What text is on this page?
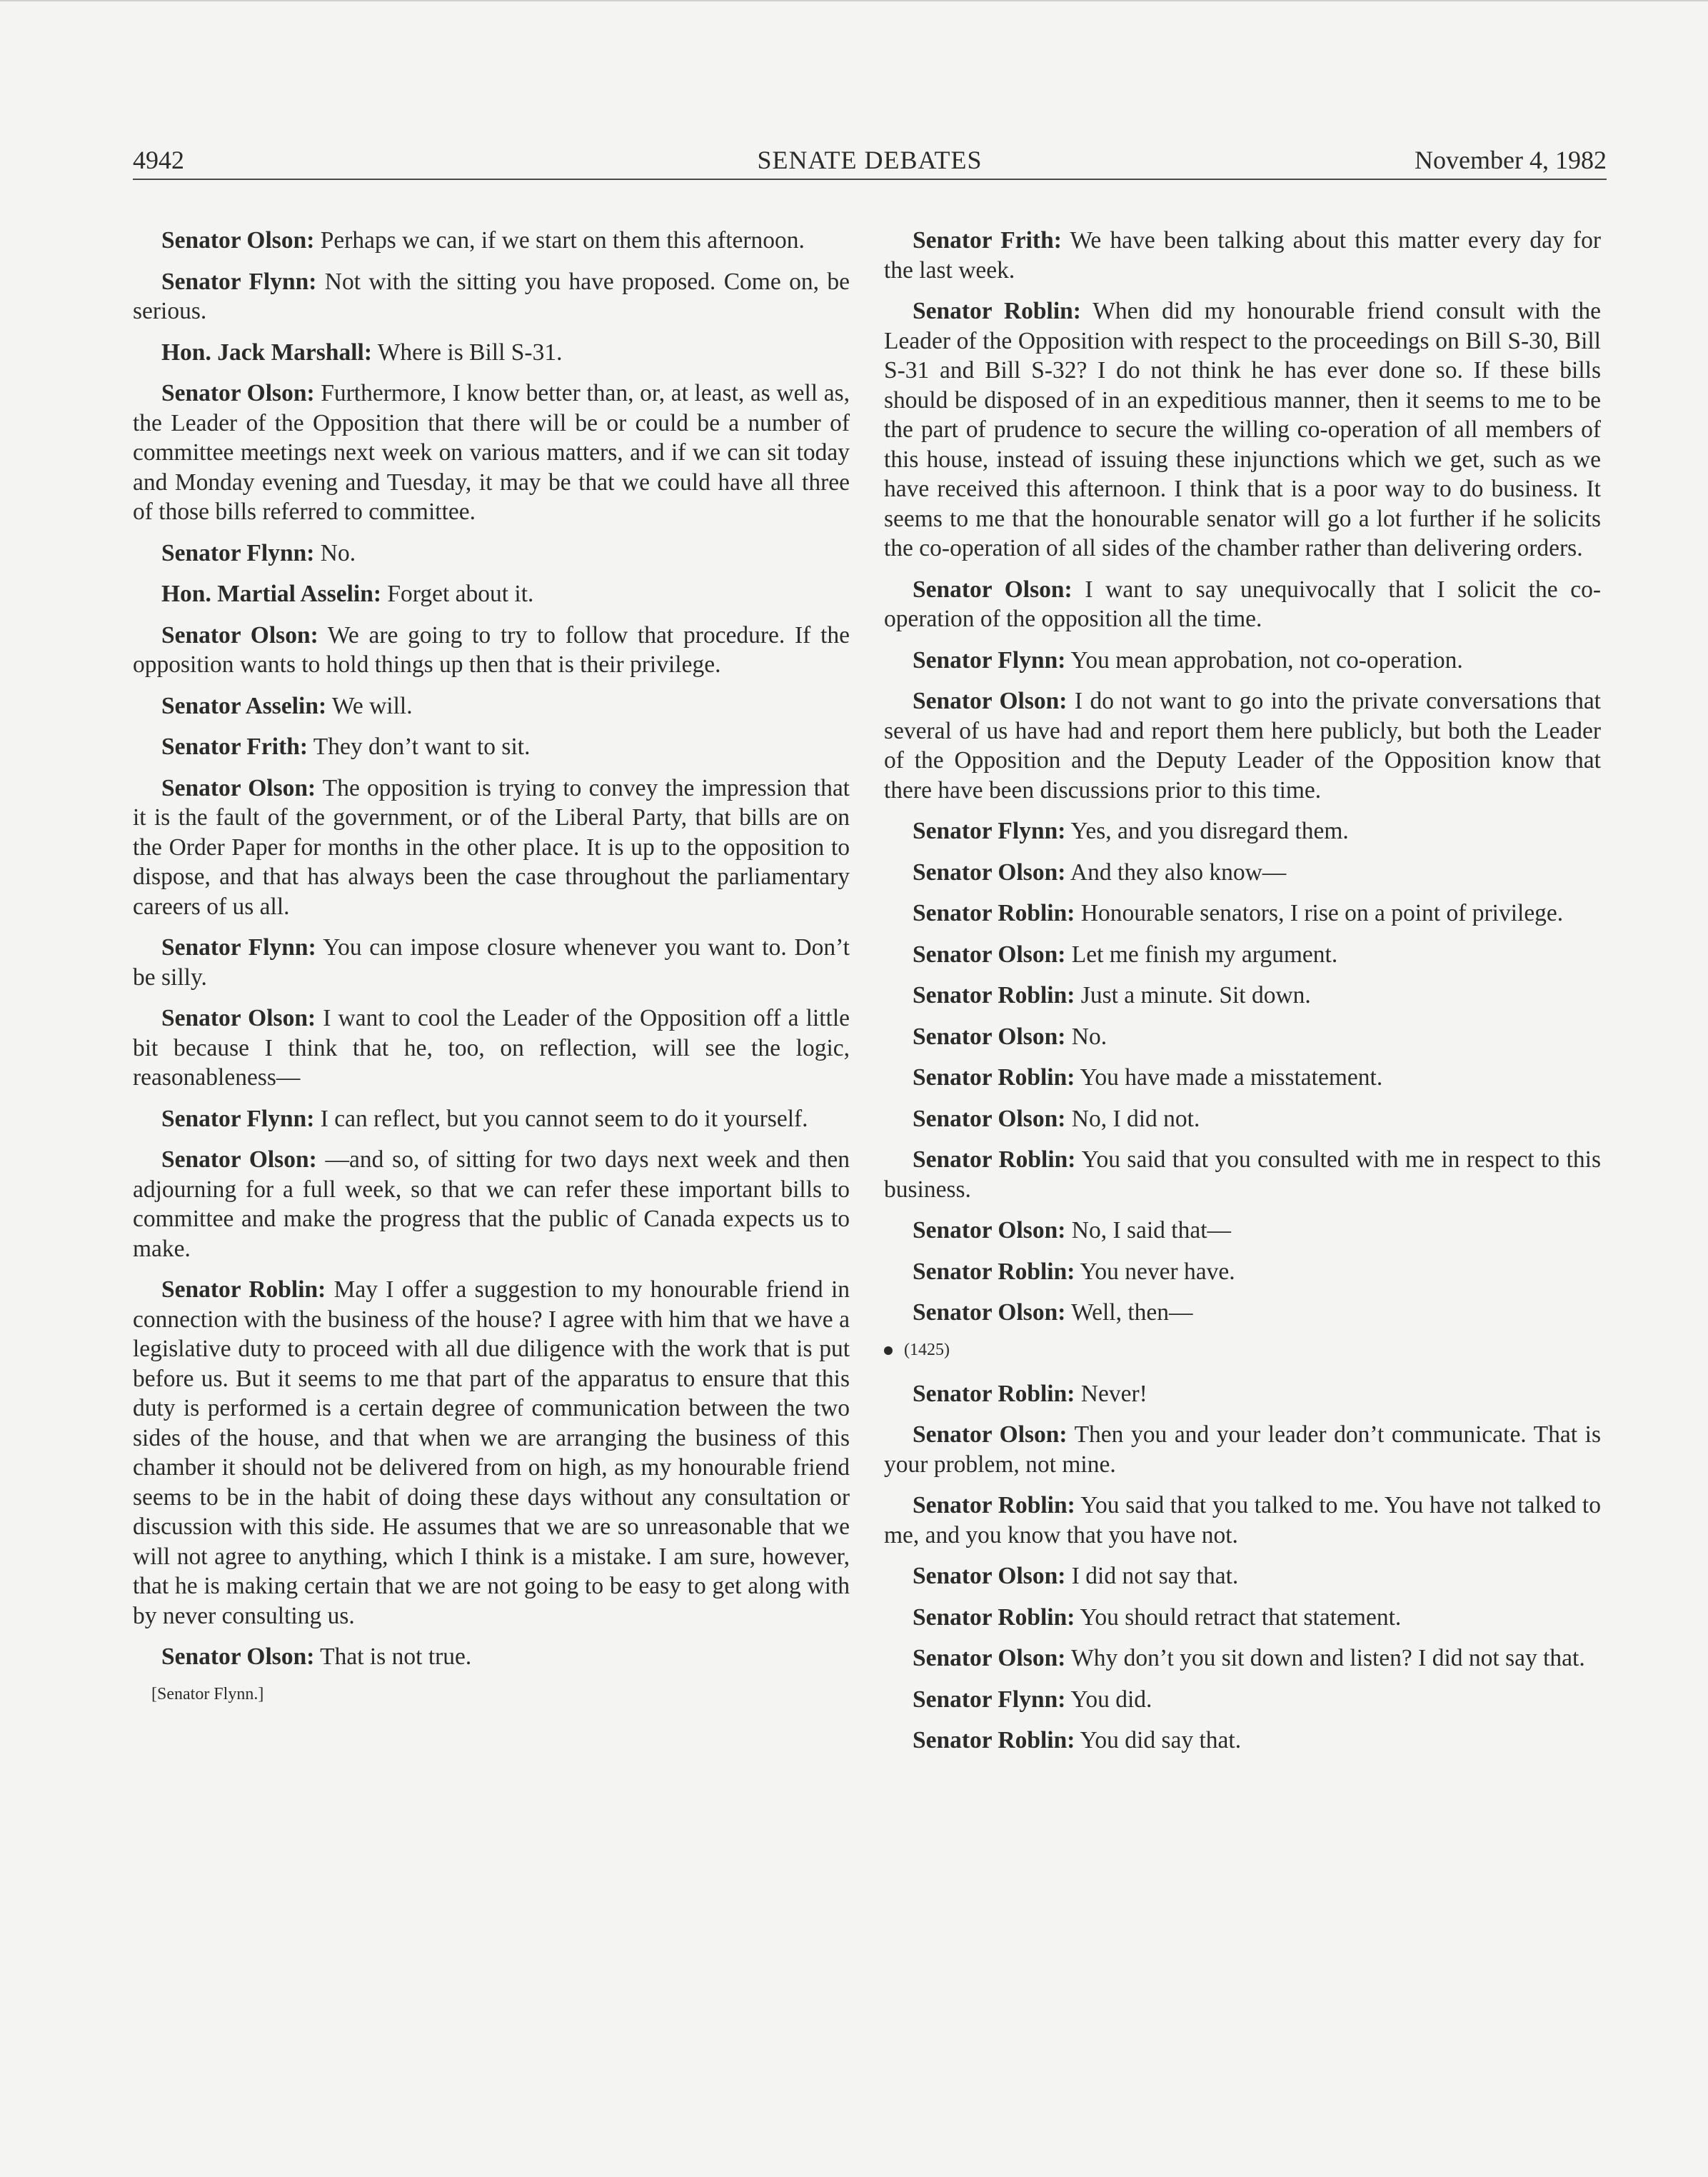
4942	SENATE DEBATES	November 4, 1982

Senator Olson: Perhaps we can, if we start on them this afternoon.

Senator Flynn: Not with the sitting you have proposed. Come on, be serious.

Hon. Jack Marshall: Where is Bill S-31.

Senator Olson: Furthermore, I know better than, or, at least, as well as, the Leader of the Opposition that there will be or could be a number of committee meetings next week on various matters, and if we can sit today and Monday evening and Tuesday, it may be that we could have all three of those bills referred to committee.

Senator Flynn: No.

Hon. Martial Asselin: Forget about it.

Senator Olson: We are going to try to follow that procedure. If the opposition wants to hold things up then that is their privilege.

Senator Asselin: We will.

Senator Frith: They don’t want to sit.

Senator Olson: The opposition is trying to convey the impression that it is the fault of the government, or of the Liberal Party, that bills are on the Order Paper for months in the other place. It is up to the opposition to dispose, and that has always been the case throughout the parliamentary careers of us all.

Senator Flynn: You can impose closure whenever you want to. Don’t be silly.

Senator Olson: I want to cool the Leader of the Opposition off a little bit because I think that he, too, on reflection, will see the logic, reasonableness—

Senator Flynn: I can reflect, but you cannot seem to do it yourself.

Senator Olson: —and so, of sitting for two days next week and then adjourning for a full week, so that we can refer these important bills to committee and make the progress that the public of Canada expects us to make.

Senator Roblin: May I offer a suggestion to my honourable friend in connection with the business of the house? I agree with him that we have a legislative duty to proceed with all due diligence with the work that is put before us. But it seems to me that part of the apparatus to ensure that this duty is performed is a certain degree of communication between the two sides of the house, and that when we are arranging the business of this chamber it should not be delivered from on high, as my honourable friend seems to be in the habit of doing these days without any consultation or discussion with this side. He assumes that we are so unreasonable that we will not agree to anything, which I think is a mistake. I am sure, however, that he is making certain that we are not going to be easy to get along with by never consulting us.

Senator Olson: That is not true.

[Senator Flynn.]

Senator Frith: We have been talking about this matter every day for the last week.

Senator Roblin: When did my honourable friend consult with the Leader of the Opposition with respect to the proceedings on Bill S-30, Bill S-31 and Bill S-32? I do not think he has ever done so. If these bills should be disposed of in an expeditious manner, then it seems to me to be the part of prudence to secure the willing co-operation of all members of this house, instead of issuing these injunctions which we get, such as we have received this afternoon. I think that is a poor way to do business. It seems to me that the honourable senator will go a lot further if he solicits the co-operation of all sides of the chamber rather than delivering orders.

Senator Olson: I want to say unequivocally that I solicit the co-operation of the opposition all the time.

Senator Flynn: You mean approbation, not co-operation.

Senator Olson: I do not want to go into the private conversations that several of us have had and report them here publicly, but both the Leader of the Opposition and the Deputy Leader of the Opposition know that there have been discussions prior to this time.

Senator Flynn: Yes, and you disregard them.

Senator Olson: And they also know—

Senator Roblin: Honourable senators, I rise on a point of privilege.

Senator Olson: Let me finish my argument.

Senator Roblin: Just a minute. Sit down.

Senator Olson: No.

Senator Roblin: You have made a misstatement.

Senator Olson: No, I did not.

Senator Roblin: You said that you consulted with me in respect to this business.

Senator Olson: No, I said that—

Senator Roblin: You never have.

Senator Olson: Well, then—

(1425)

Senator Roblin: Never!

Senator Olson: Then you and your leader don’t communicate. That is your problem, not mine.

Senator Roblin: You said that you talked to me. You have not talked to me, and you know that you have not.

Senator Olson: I did not say that.

Senator Roblin: You should retract that statement.

Senator Olson: Why don’t you sit down and listen? I did not say that.

Senator Flynn: You did.

Senator Roblin: You did say that.
